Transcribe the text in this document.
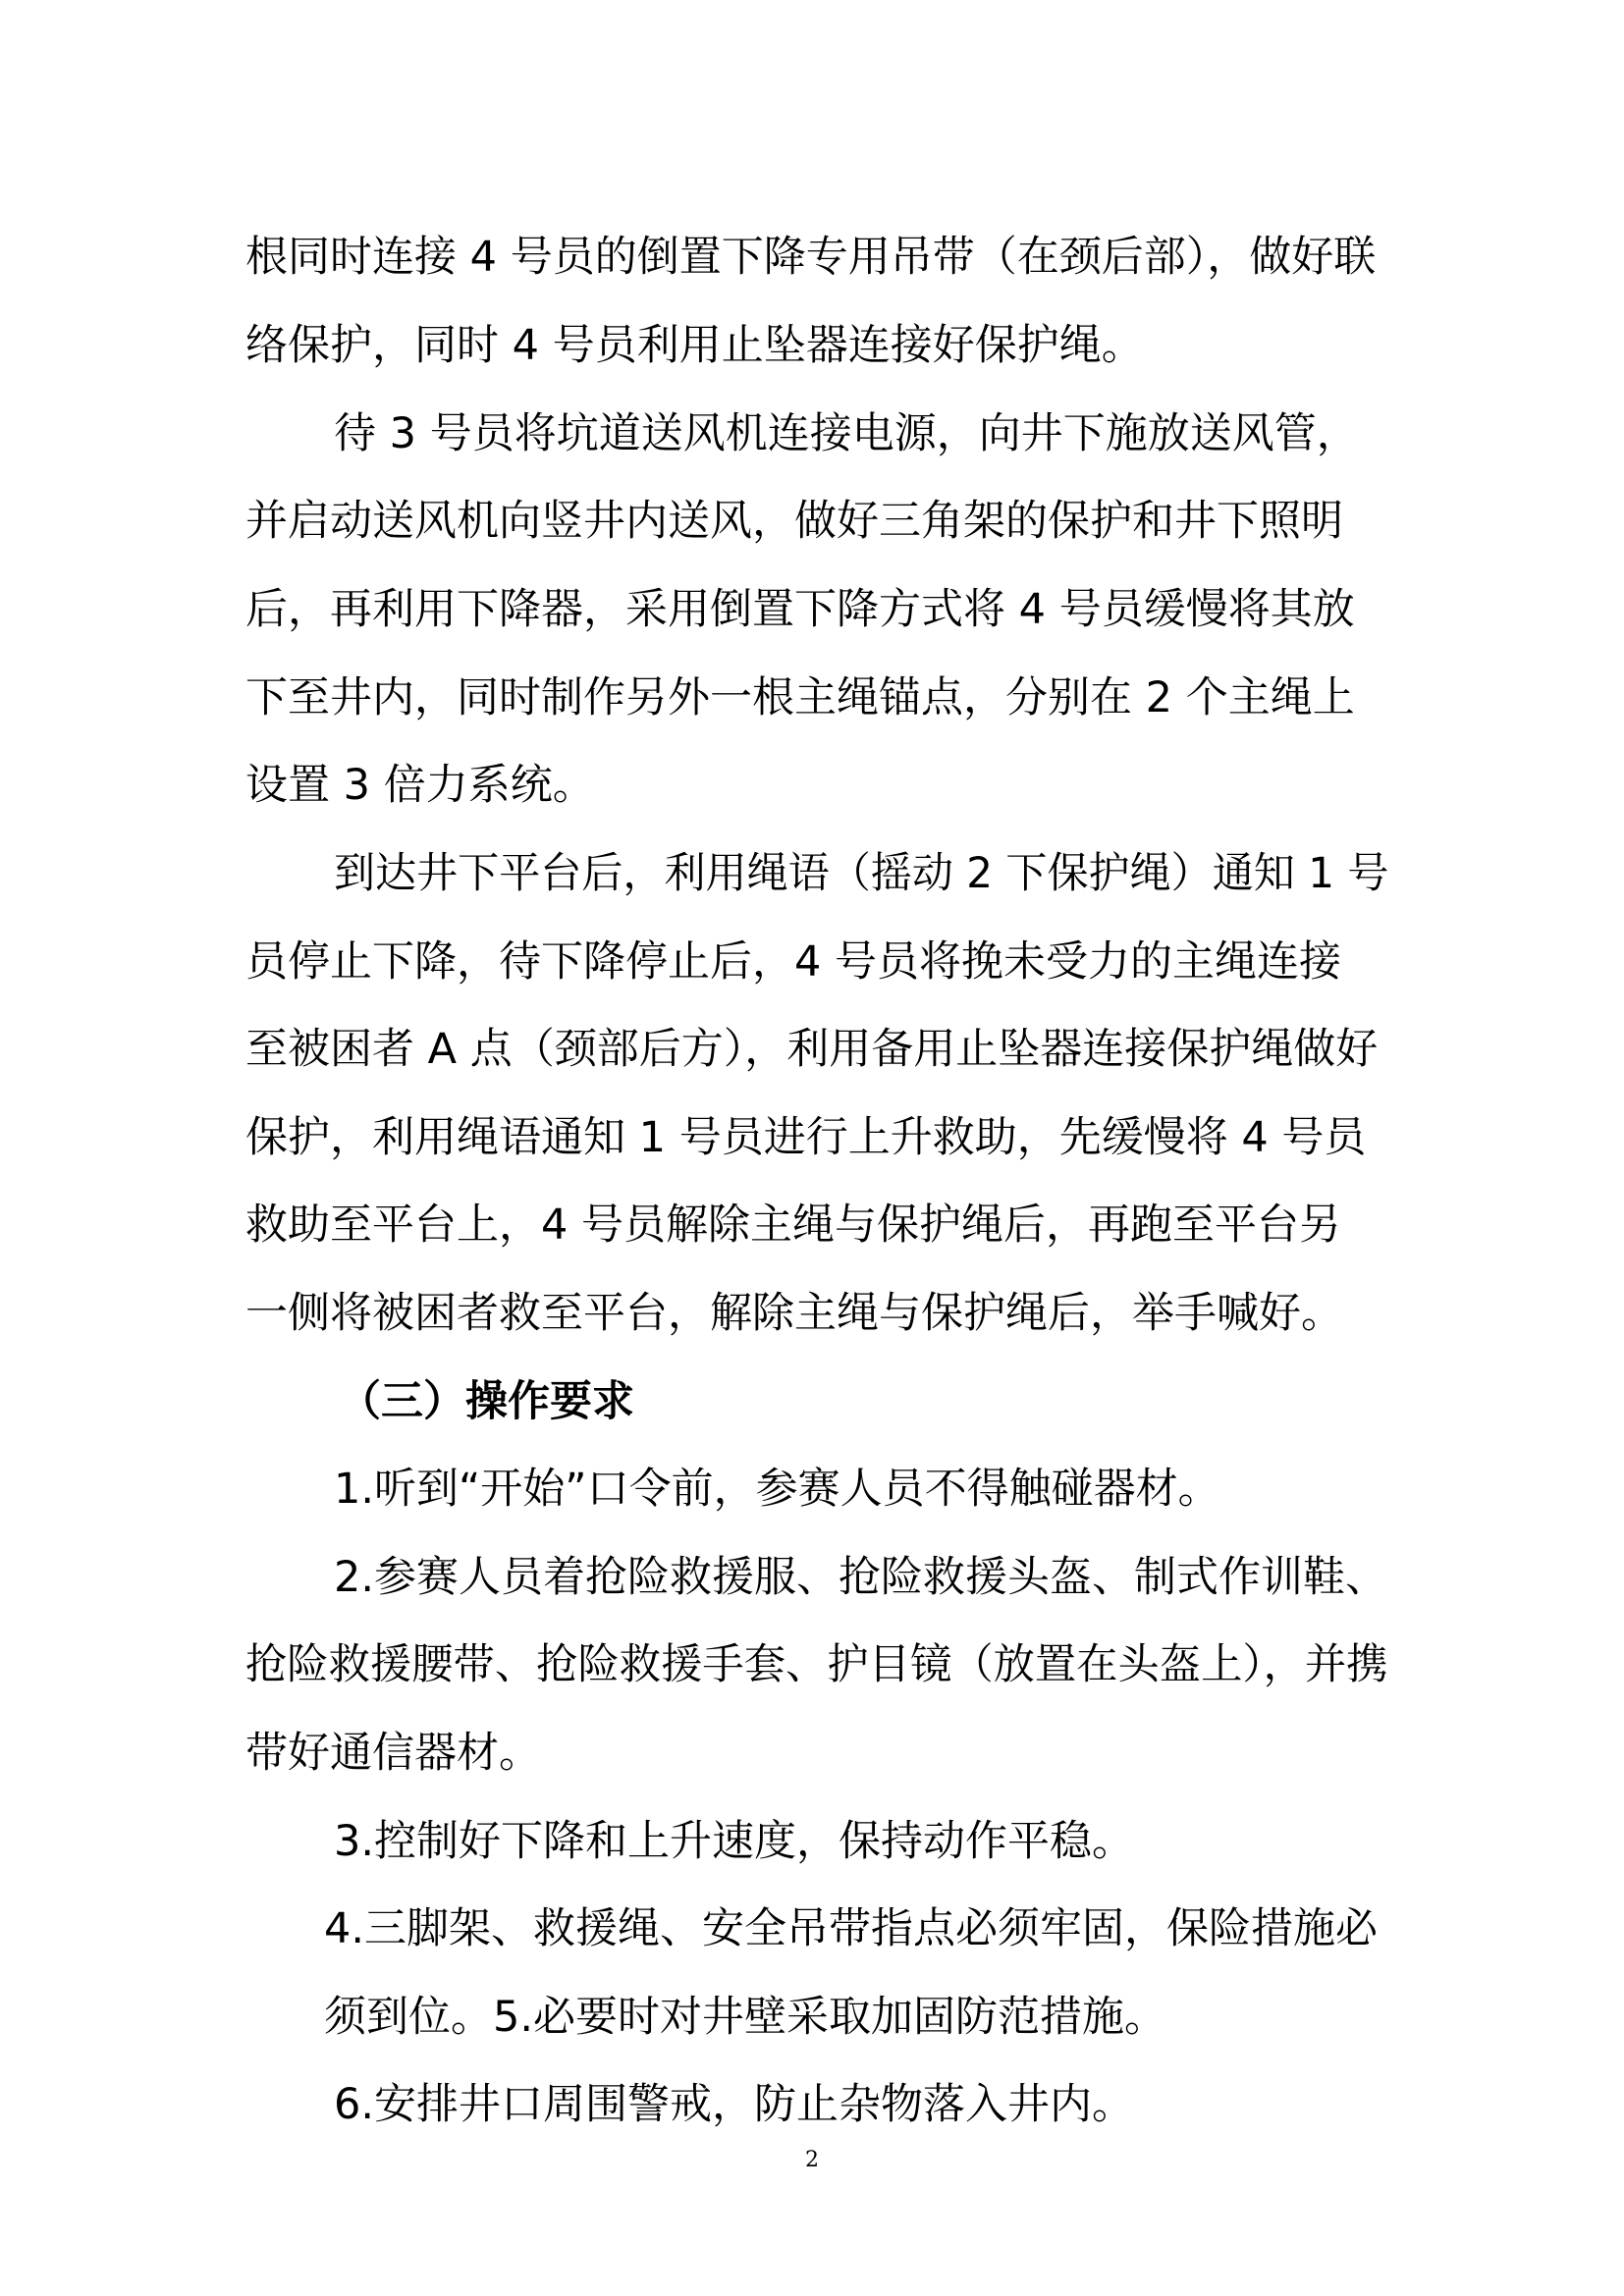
根同时连接 4 号员的倒置下降专用吊带（在颈后部），做好联
络保护，同时 4 号员利用止坠器连接好保护绳。
待 3 号员将坑道送风机连接电源，向井下施放送风管，
并启动送风机向竖井内送风，做好三角架的保护和井下照明
后，再利用下降器，采用倒置下降方式将 4 号员缓慢将其放
下至井内，同时制作另外一根主绳锚点，分别在 2 个主绳上
设置 3 倍力系统。
到达井下平台后，利用绳语（摇动 2 下保护绳）通知 1 号
员停止下降，待下降停止后，4 号员将挽未受力的主绳连接
至被困者 A 点（颈部后方），利用备用止坠器连接保护绳做好
保护，利用绳语通知 1 号员进行上升救助，先缓慢将 4 号员
救助至平台上，4 号员解除主绳与保护绳后，再跑至平台另
一侧将被困者救至平台，解除主绳与保护绳后，举手喊好。
（三）操作要求
1.听到“开始”口令前，参赛人员不得触碰器材。
2.参赛人员着抢险救援服、抢险救援头盔、制式作训鞋、
抢险救援腰带、抢险救援手套、护目镜（放置在头盔上），并携
带好通信器材。
3.控制好下降和上升速度，保持动作平稳。
4.三脚架、救援绳、安全吊带指点必须牢固，保险措施必
须到位。5.必要时对井壁采取加固防范措施。
6.安排井口周围警戒，防止杂物落入井内。
2
